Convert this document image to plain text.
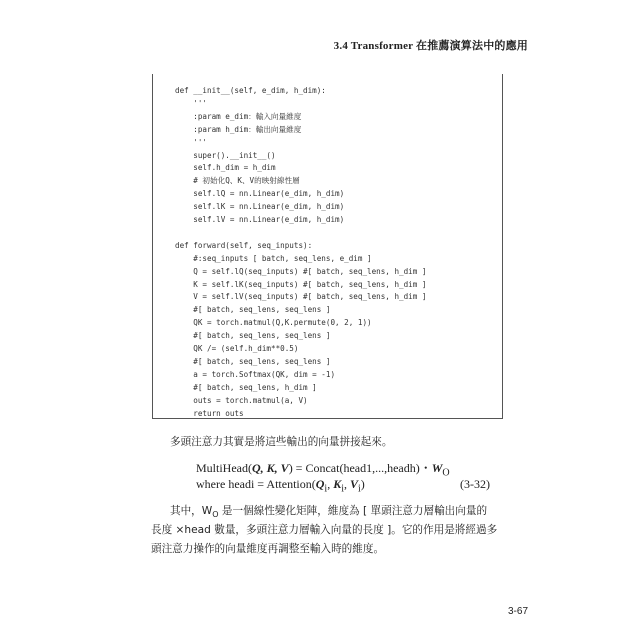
3.4 Transformer 在推薦演算法中的應用
def __init__(self, e_dim, h_dim):
'''
:param e_dim：輸入向量維度
:param h_dim：輸出向量維度
'''
super().__init__()
self.h_dim = h_dim
# 初始化Q、K、V的映射線性層
self.lQ = nn.Linear(e_dim, h_dim)
self.lK = nn.Linear(e_dim, h_dim)
self.lV = nn.Linear(e_dim, h_dim)
def forward(self, seq_inputs):
#:seq_inputs [ batch, seq_lens, e_dim ]
Q = self.lQ(seq_inputs) #[ batch, seq_lens, h_dim ]
K = self.lK(seq_inputs) #[ batch, seq_lens, h_dim ]
V = self.lV(seq_inputs) #[ batch, seq_lens, h_dim ]
#[ batch, seq_lens, seq_lens ]
QK = torch.matmul(Q,K.permute(0, 2, 1))
#[ batch, seq_lens, seq_lens ]
QK /= (self.h_dim**0.5)
#[ batch, seq_lens, seq_lens ]
a = torch.Softmax(QK, dim = -1)
#[ batch, seq_lens, h_dim ]
outs = torch.matmul(a, V)
return outs
多頭注意力其實是將這些輸出的向量拼接起來。
MultiHead(Q, K, V) = Concat(head1,...,headh)・$W_O$
where headi = $Attention(Q_i$, $K_i$, $V_i$)	(3-32)
其中，$W_O$ 是一個線性變化矩陣，維度為 [ 單頭注意力層輸出向量的
長度 ×head 數量，多頭注意力層輸入向量的長度 ]。它的作用是將經過多
頭注意力操作的向量維度再調整至輸入時的維度。
3-67
